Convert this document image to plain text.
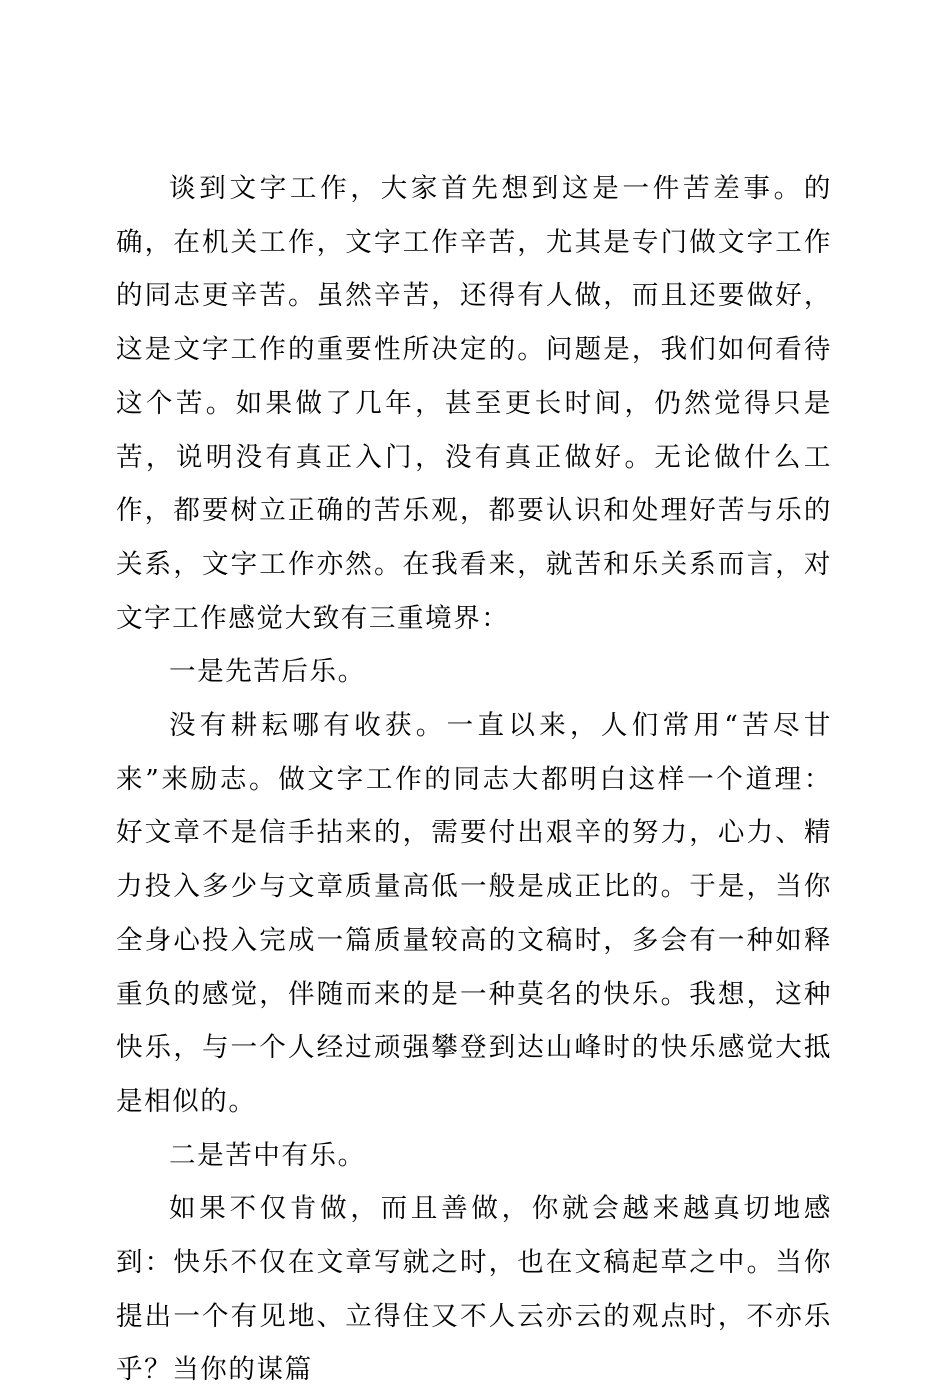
谈到文字工作，大家首先想到这是一件苦差事。的确，在机关工作，文字工作辛苦，尤其是专门做文字工作的同志更辛苦。虽然辛苦，还得有人做，而且还要做好，这是文字工作的重要性所决定的。问题是，我们如何看待这个苦。如果做了几年，甚至更长时间，仍然觉得只是苦，说明没有真正入门，没有真正做好。无论做什么工作，都要树立正确的苦乐观，都要认识和处理好苦与乐的关系，文字工作亦然。在我看来，就苦和乐关系而言，对文字工作感觉大致有三重境界：

一是先苦后乐。

没有耕耘哪有收获。一直以来，人们常用“苦尽甘来”来励志。做文字工作的同志大都明白这样一个道理：好文章不是信手拈来的，需要付出艰辛的努力，心力、精力投入多少与文章质量高低一般是成正比的。于是，当你全身心投入完成一篇质量较高的文稿时，多会有一种如释重负的感觉，伴随而来的是一种莫名的快乐。我想，这种快乐，与一个人经过顽强攀登到达山峰时的快乐感觉大抵是相似的。

二是苦中有乐。

如果不仅肯做，而且善做，你就会越来越真切地感到：快乐不仅在文章写就之时，也在文稿起草之中。当你提出一个有见地、立得住又不人云亦云的观点时，不亦乐乎？当你的谋篇
